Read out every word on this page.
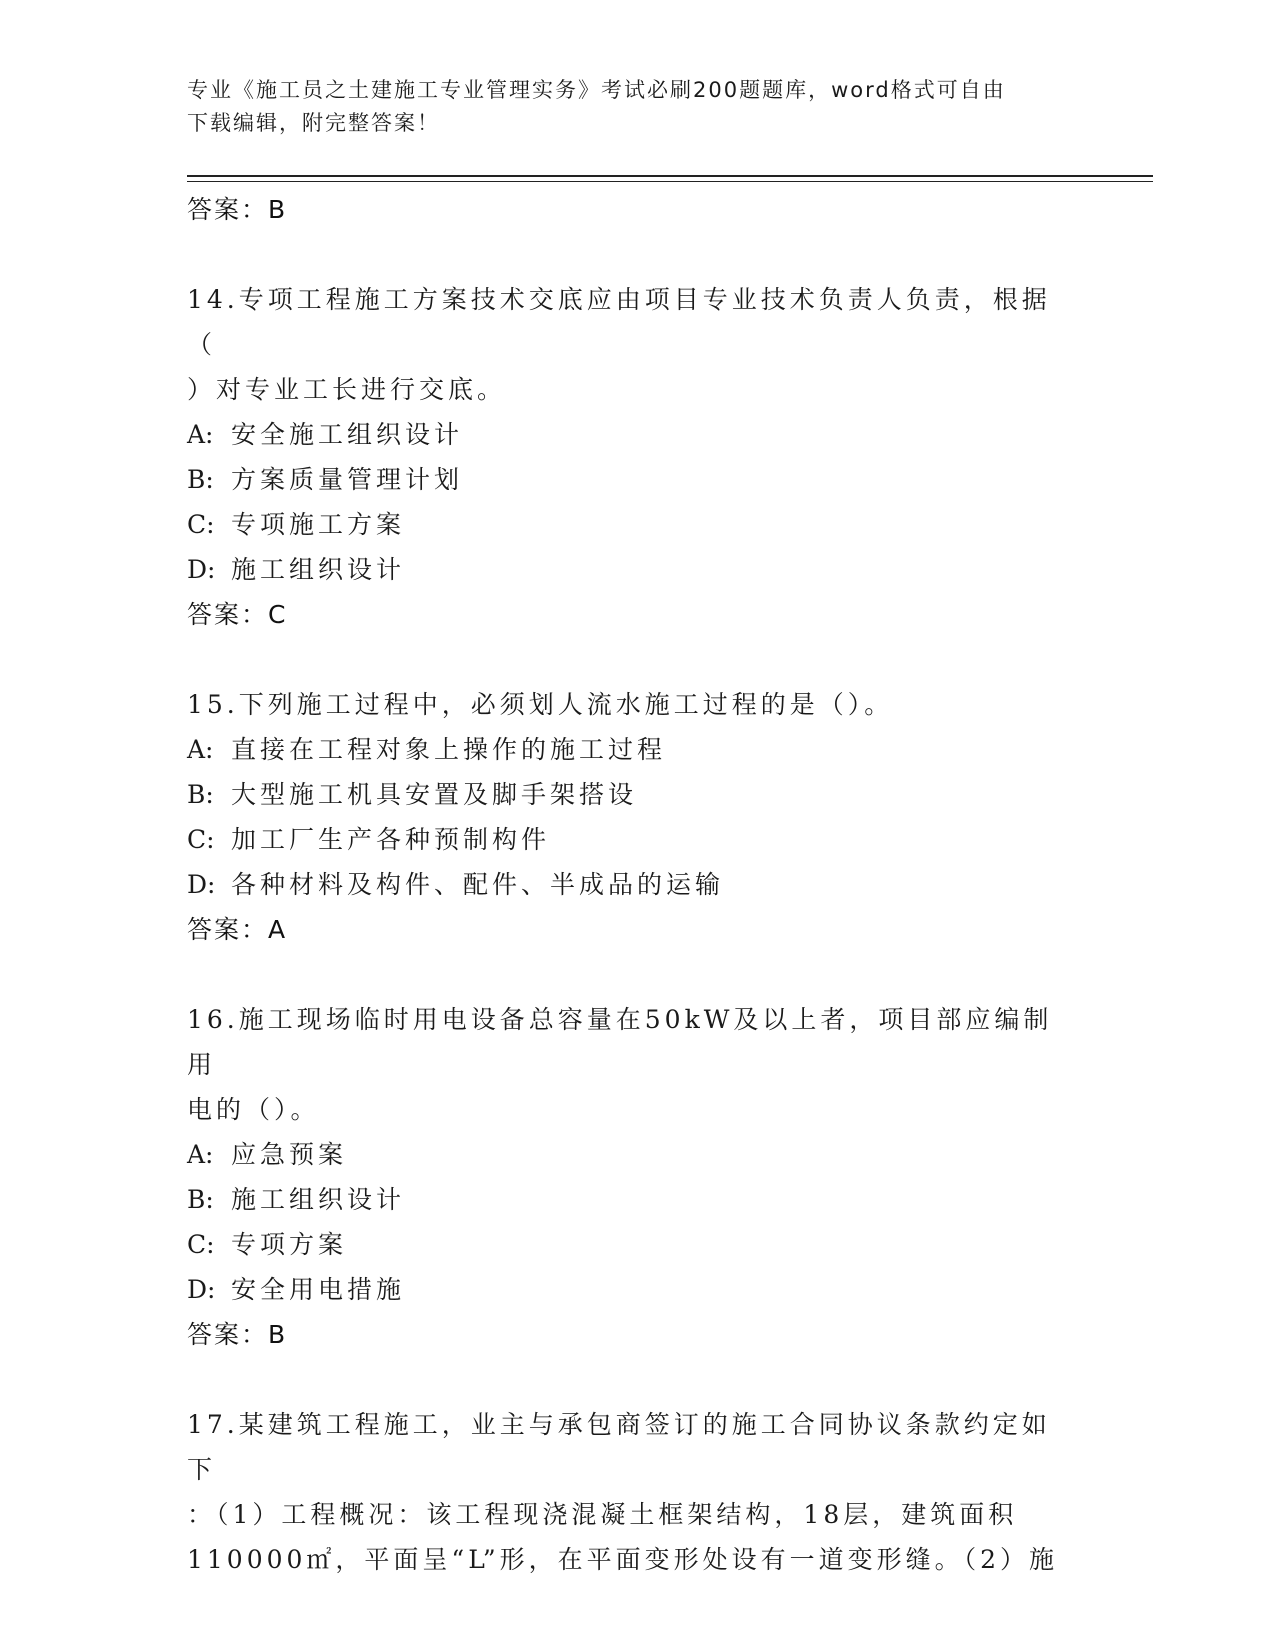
专业《施工员之土建施工专业管理实务》考试必刷200题题库，word格式可自由
下载编辑，附完整答案！
答案：B
14.专项工程施工方案技术交底应由项目专业技术负责人负责，根据（
）对专业工长进行交底。
A: 安全施工组织设计
B: 方案质量管理计划
C: 专项施工方案
D: 施工组织设计
答案：C
15.下列施工过程中，必须划人流水施工过程的是（）。
A: 直接在工程对象上操作的施工过程
B: 大型施工机具安置及脚手架搭设
C: 加工厂生产各种预制构件
D: 各种材料及构件、配件、半成品的运输
答案：A
16.施工现场临时用电设备总容量在50kW及以上者，项目部应编制用
电的（）。
A: 应急预案
B: 施工组织设计
C: 专项方案
D: 安全用电措施
答案：B
17.某建筑工程施工，业主与承包商签订的施工合同协议条款约定如下
：（1）工程概况：该工程现浇混凝土框架结构，18层，建筑面积
110000㎡，平面呈“L”形，在平面变形处设有一道变形缝。（2）施
